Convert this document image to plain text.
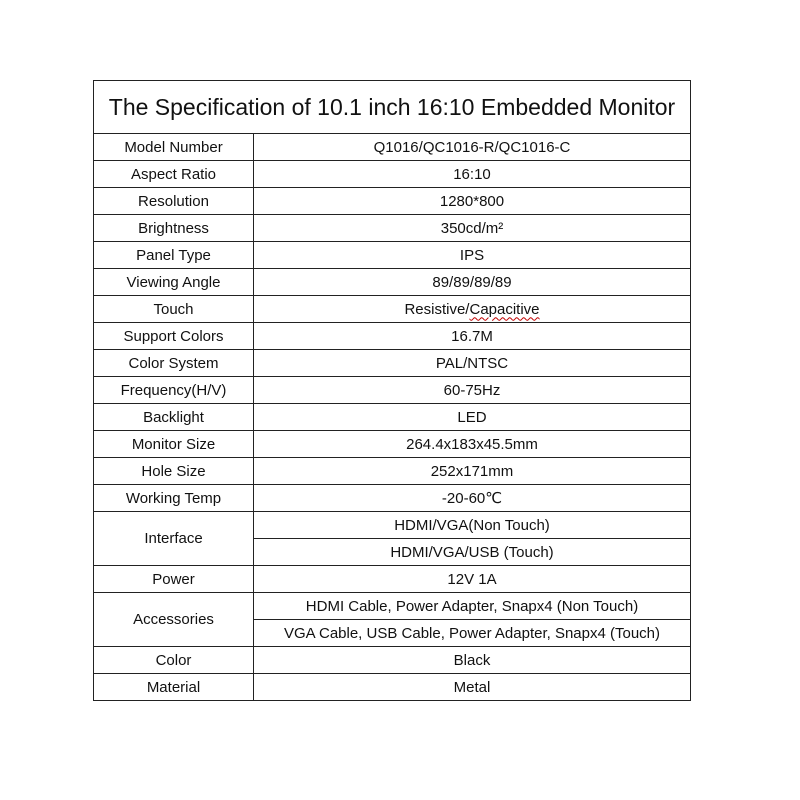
The Specification of 10.1 inch 16:10 Embedded Monitor	
Model Number	Q1016/QC1016-R/QC1016-C
Aspect Ratio	16:10
Resolution	1280*800
Brightness	350cd/m²
Panel Type	IPS
Viewing Angle	89/89/89/89
Touch	Resistive/Capacitive
Support Colors	16.7M
Color System	PAL/NTSC
Frequency(H/V)	60-75Hz
Backlight	LED
Monitor Size	264.4x183x45.5mm
Hole Size	252x171mm
Working Temp	-20-60℃
Interface	HDMI/VGA(Non Touch)
	HDMI/VGA/USB (Touch)
Power	12V 1A
Accessories	HDMI Cable, Power Adapter, Snapx4 (Non Touch)
	VGA Cable, USB Cable, Power Adapter, Snapx4 (Touch)
Color	Black
Material	Metal
